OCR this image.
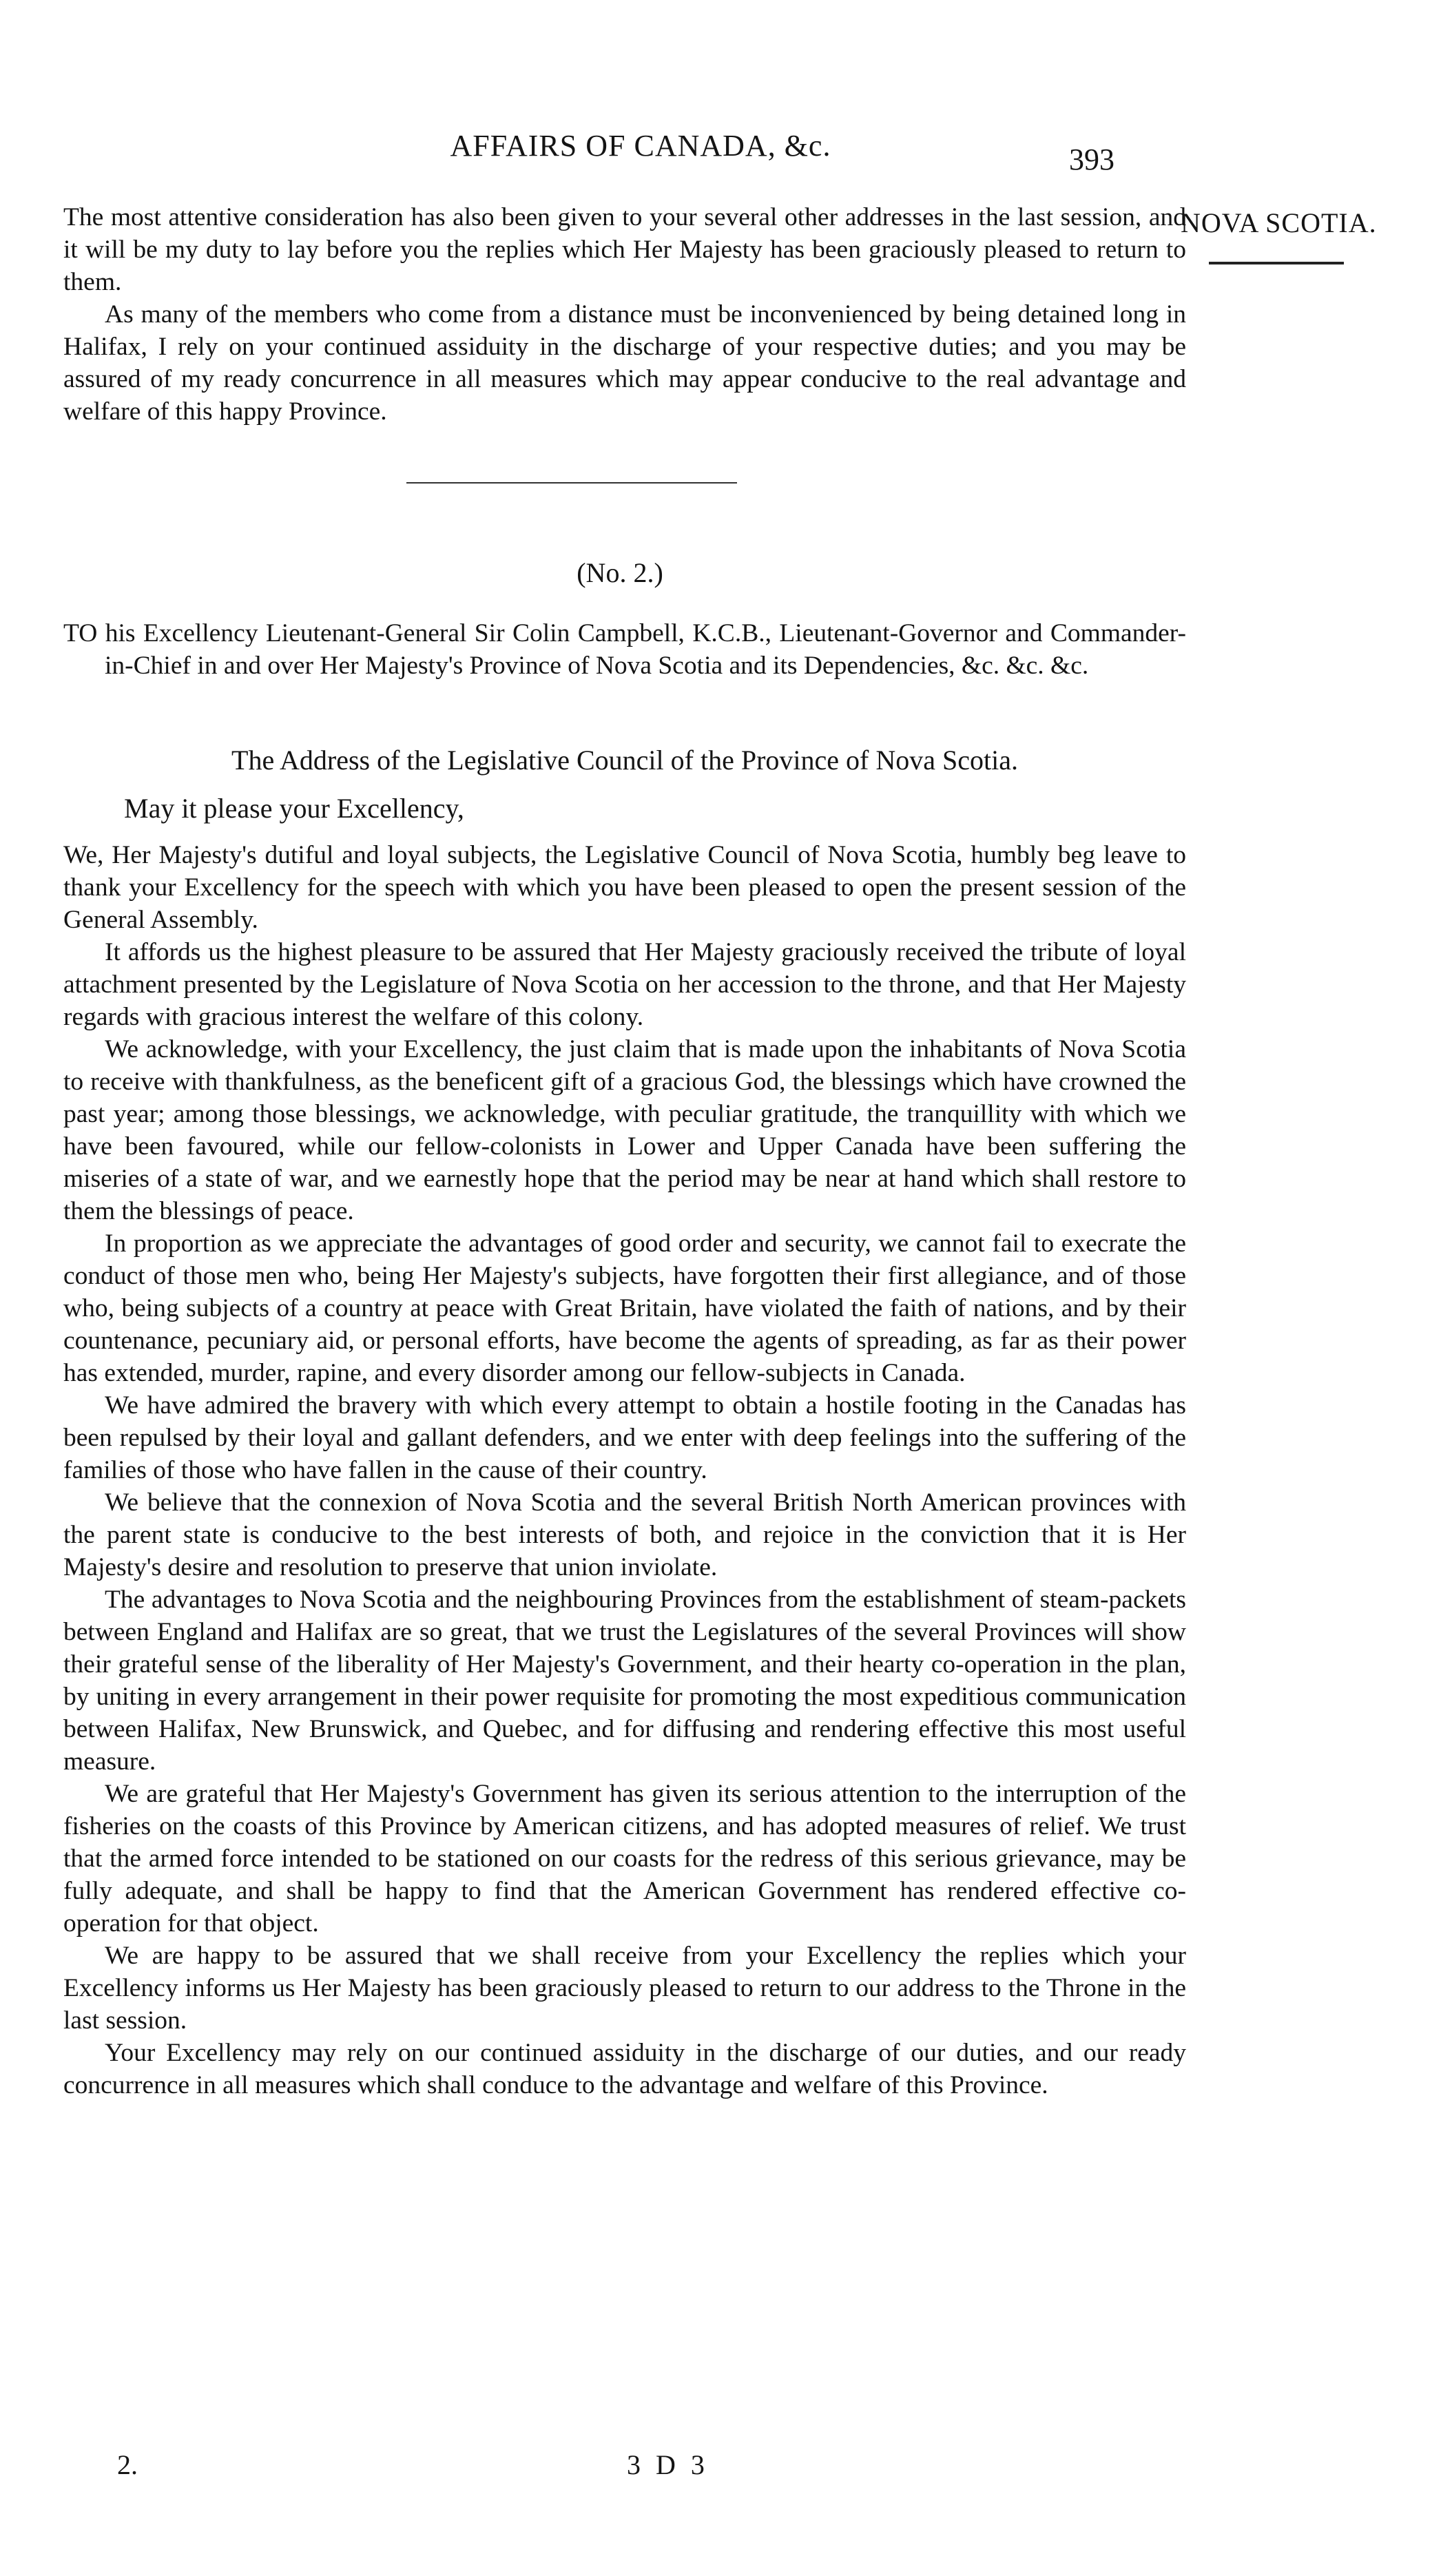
AFFAIRS OF CANADA, &c.	393
NOVA SCOTIA.

The most attentive consideration has also been given to your several other addresses in the last session, and it will be my duty to lay before you the replies which Her Majesty has been graciously pleased to return to them.

As many of the members who come from a distance must be inconvenienced by being detained long in Halifax, I rely on your continued assiduity in the discharge of your respective duties; and you may be assured of my ready concurrence in all measures which may appear conducive to the real advantage and welfare of this happy Province.

(No. 2.)
TO his Excellency Lieutenant-General Sir Colin Campbell, K.C.B., Lieutenant-Governor and Commander-in-Chief in and over Her Majesty's Province of Nova Scotia and its Dependencies, &c. &c. &c.
The Address of the Legislative Council of the Province of Nova Scotia.
May it please your Excellency,

We, Her Majesty's dutiful and loyal subjects, the Legislative Council of Nova Scotia, humbly beg leave to thank your Excellency for the speech with which you have been pleased to open the present session of the General Assembly.

It affords us the highest pleasure to be assured that Her Majesty graciously received the tribute of loyal attachment presented by the Legislature of Nova Scotia on her accession to the throne, and that Her Majesty regards with gracious interest the welfare of this colony.

We acknowledge, with your Excellency, the just claim that is made upon the inhabitants of Nova Scotia to receive with thankfulness, as the beneficent gift of a gracious God, the blessings which have crowned the past year; among those blessings, we acknowledge, with peculiar gratitude, the tranquillity with which we have been favoured, while our fellow-colonists in Lower and Upper Canada have been suffering the miseries of a state of war, and we earnestly hope that the period may be near at hand which shall restore to them the blessings of peace.

In proportion as we appreciate the advantages of good order and security, we cannot fail to execrate the conduct of those men who, being Her Majesty's subjects, have forgotten their first allegiance, and of those who, being subjects of a country at peace with Great Britain, have violated the faith of nations, and by their countenance, pecuniary aid, or personal efforts, have become the agents of spreading, as far as their power has extended, murder, rapine, and every disorder among our fellow-subjects in Canada.

We have admired the bravery with which every attempt to obtain a hostile footing in the Canadas has been repulsed by their loyal and gallant defenders, and we enter with deep feelings into the suffering of the families of those who have fallen in the cause of their country.

We believe that the connexion of Nova Scotia and the several British North American provinces with the parent state is conducive to the best interests of both, and rejoice in the conviction that it is Her Majesty's desire and resolution to preserve that union inviolate.

The advantages to Nova Scotia and the neighbouring Provinces from the establishment of steam-packets between England and Halifax are so great, that we trust the Legislatures of the several Provinces will show their grateful sense of the liberality of Her Majesty's Government, and their hearty co-operation in the plan, by uniting in every arrangement in their power requisite for promoting the most expeditious communication between Halifax, New Brunswick, and Quebec, and for diffusing and rendering effective this most useful measure.

We are grateful that Her Majesty's Government has given its serious attention to the interruption of the fisheries on the coasts of this Province by American citizens, and has adopted measures of relief. We trust that the armed force intended to be stationed on our coasts for the redress of this serious grievance, may be fully adequate, and shall be happy to find that the American Government has rendered effective co-operation for that object.

We are happy to be assured that we shall receive from your Excellency the replies which your Excellency informs us Her Majesty has been graciously pleased to return to our address to the Throne in the last session.

Your Excellency may rely on our continued assiduity in the discharge of our duties, and our ready concurrence in all measures which shall conduce to the advantage and welfare of this Province.

2.	3 D 3
